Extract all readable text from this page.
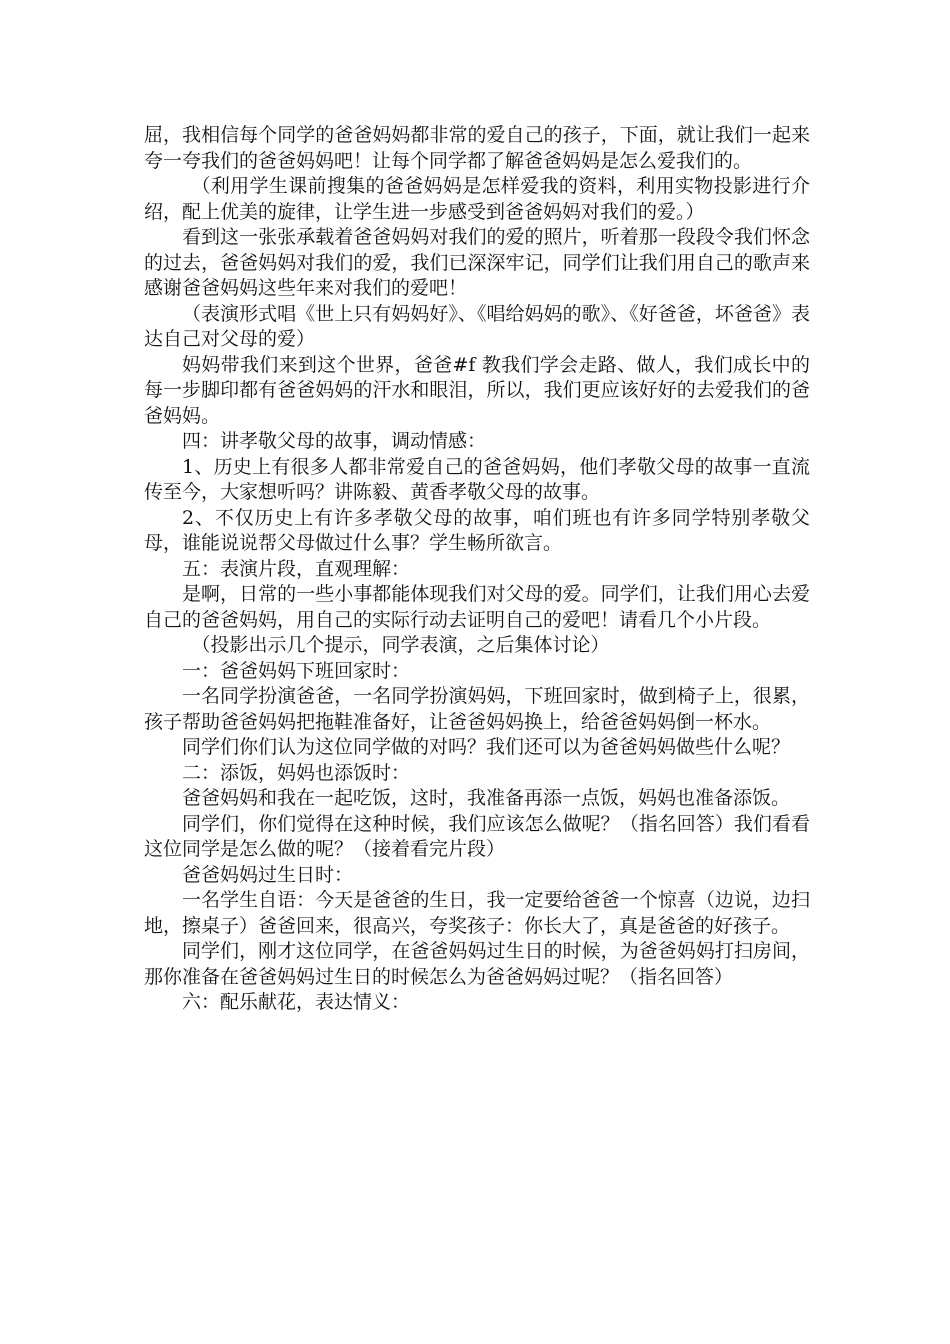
屈，我相信每个同学的爸爸妈妈都非常的爱自己的孩子，下面，就让我们一起来夸一夸我们的爸爸妈妈吧！让每个同学都了解爸爸妈妈是怎么爱我们的。

（利用学生课前搜集的爸爸妈妈是怎样爱我的资料，利用实物投影进行介绍，配上优美的旋律，让学生进一步感受到爸爸妈妈对我们的爱。）

看到这一张张承载着爸爸妈妈对我们的爱的照片，听着那一段段令我们怀念的过去，爸爸妈妈对我们的爱，我们已深深牢记，同学们让我们用自己的歌声来感谢爸爸妈妈这些年来对我们的爱吧！

（表演形式唱《世上只有妈妈好》、《唱给妈妈的歌》、《好爸爸，坏爸爸》表达自己对父母的爱）

妈妈带我们来到这个世界，爸爸#f 教我们学会走路、做人，我们成长中的每一步脚印都有爸爸妈妈的汗水和眼泪，所以，我们更应该好好的去爱我们的爸爸妈妈。

四：讲孝敬父母的故事，调动情感：

1、历史上有很多人都非常爱自己的爸爸妈妈，他们孝敬父母的故事一直流传至今，大家想听吗？讲陈毅、黄香孝敬父母的故事。

2、不仅历史上有许多孝敬父母的故事，咱们班也有许多同学特别孝敬父母，谁能说说帮父母做过什么事？学生畅所欲言。

五：表演片段，直观理解：

是啊，日常的一些小事都能体现我们对父母的爱。同学们，让我们用心去爱自己的爸爸妈妈，用自己的实际行动去证明自己的爱吧！请看几个小片段。

（投影出示几个提示，同学表演，之后集体讨论）

一：爸爸妈妈下班回家时：

一名同学扮演爸爸，一名同学扮演妈妈，下班回家时，做到椅子上，很累，孩子帮助爸爸妈妈把拖鞋准备好，让爸爸妈妈换上，给爸爸妈妈倒一杯水。

同学们你们认为这位同学做的对吗？我们还可以为爸爸妈妈做些什么呢？

二：添饭，妈妈也添饭时：

爸爸妈妈和我在一起吃饭，这时，我准备再添一点饭，妈妈也准备添饭。

同学们，你们觉得在这种时候，我们应该怎么做呢？（指名回答）我们看看这位同学是怎么做的呢？（接着看完片段）

爸爸妈妈过生日时：

一名学生自语：今天是爸爸的生日，我一定要给爸爸一个惊喜（边说，边扫地，擦桌子）爸爸回来，很高兴，夸奖孩子：你长大了，真是爸爸的好孩子。

同学们，刚才这位同学，在爸爸妈妈过生日的时候，为爸爸妈妈打扫房间，那你准备在爸爸妈妈过生日的时候怎么为爸爸妈妈过呢？（指名回答）

六：配乐献花，表达情义：
